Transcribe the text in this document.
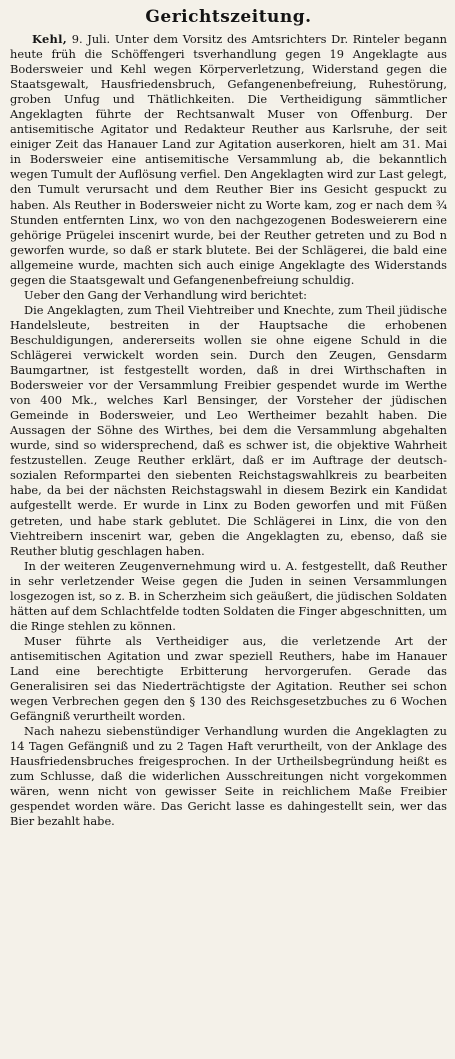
Gerichtszeitung.

Kehl, 9. Juli. Unter dem Vorsitz des Amtsrichters Dr. Rinteler begann heute früh die Schöffengeri tsverhandlung gegen 19 Angeklagte aus Bodersweier und Kehl wegen Körperverletzung, Widerstand gegen die Staatsgewalt, Hausfriedensbruch, Gefangenenbefreiung, Ruhestörung, groben Unfug und Thätlichkeiten. Die Vertheidigung sämmtlicher Angeklagten führte der Rechtsanwalt Muser von Offenburg. Der antisemitische Agitator und Redakteur Reuther aus Karlsruhe, der seit einiger Zeit das Hanauer Land zur Agitation auserkoren, hielt am 31. Mai in Bodersweier eine antisemitische Versammlung ab, die bekanntlich wegen Tumult der Auflösung verfiel. Den Angeklagten wird zur Last gelegt, den Tumult verursacht und dem Reuther Bier ins Gesicht gespuckt zu haben. Als Reuther in Bodersweier nicht zu Worte kam, zog er nach dem ¾ Stunden entfernten Linx, wo von den nachgezogenen Bodesweierern eine gehörige Prügelei inscenirt wurde, bei der Reuther getreten und zu Bod n geworfen wurde, so daß er stark blutete. Bei der Schlägerei, die bald eine allgemeine wurde, machten sich auch einige Angeklagte des Widerstands gegen die Staatsgewalt und Gefangenenbefreiung schuldig.

Ueber den Gang der Verhandlung wird berichtet:

Die Angeklagten, zum Theil Viehtreiber und Knechte, zum Theil jüdische Handelsleute, bestreiten in der Hauptsache die erhobenen Beschuldigungen, andererseits wollen sie ohne eigene Schuld in die Schlägerei verwickelt worden sein. Durch den Zeugen, Gensdarm Baumgartner, ist festgestellt worden, daß in drei Wirthschaften in Bodersweier vor der Versammlung Freibier gespendet wurde im Werthe von 400 Mk., welches Karl Bensinger, der Vorsteher der jüdischen Gemeinde in Bodersweier, und Leo Wertheimer bezahlt haben. Die Aussagen der Söhne des Wirthes, bei dem die Versammlung abgehalten wurde, sind so widersprechend, daß es schwer ist, die objektive Wahrheit festzustellen. Zeuge Reuther erklärt, daß er im Auftrage der deutsch-sozialen Reformpartei den siebenten Reichstagswahlkreis zu bearbeiten habe, da bei der nächsten Reichstagswahl in diesem Bezirk ein Kandidat aufgestellt werde. Er wurde in Linx zu Boden geworfen und mit Füßen getreten, und habe stark geblutet. Die Schlägerei in Linx, die von den Viehtreibern inscenirt war, geben die Angeklagten zu, ebenso, daß sie Reuther blutig geschlagen haben.

In der weiteren Zeugenvernehmung wird u. A. festgestellt, daß Reuther in sehr verletzender Weise gegen die Juden in seinen Versammlungen losgezogen ist, so z. B. in Scherzheim sich geäußert, die jüdischen Soldaten hätten auf dem Schlachtfelde todten Soldaten die Finger abgeschnitten, um die Ringe stehlen zu können.

Muser führte als Vertheidiger aus, die verletzende Art der antisemitischen Agitation und zwar speziell Reuthers, habe im Hanauer Land eine berechtigte Erbitterung hervorgerufen. Gerade das Generalisiren sei das Niederträchtigste der Agitation. Reuther sei schon wegen Verbrechen gegen den § 130 des Reichsgesetzbuches zu 6 Wochen Gefängniß verurtheilt worden.

Nach nahezu siebenstündiger Verhandlung wurden die Angeklagten zu 14 Tagen Gefängniß und zu 2 Tagen Haft verurtheilt, von der Anklage des Hausfriedensbruches freigesprochen. In der Urtheilsbegründung heißt es zum Schlusse, daß die widerlichen Ausschreitungen nicht vorgekommen wären, wenn nicht von gewisser Seite in reichlichem Maße Freibier gespendet worden wäre. Das Gericht lasse es dahingestellt sein, wer das Bier bezahlt habe.
